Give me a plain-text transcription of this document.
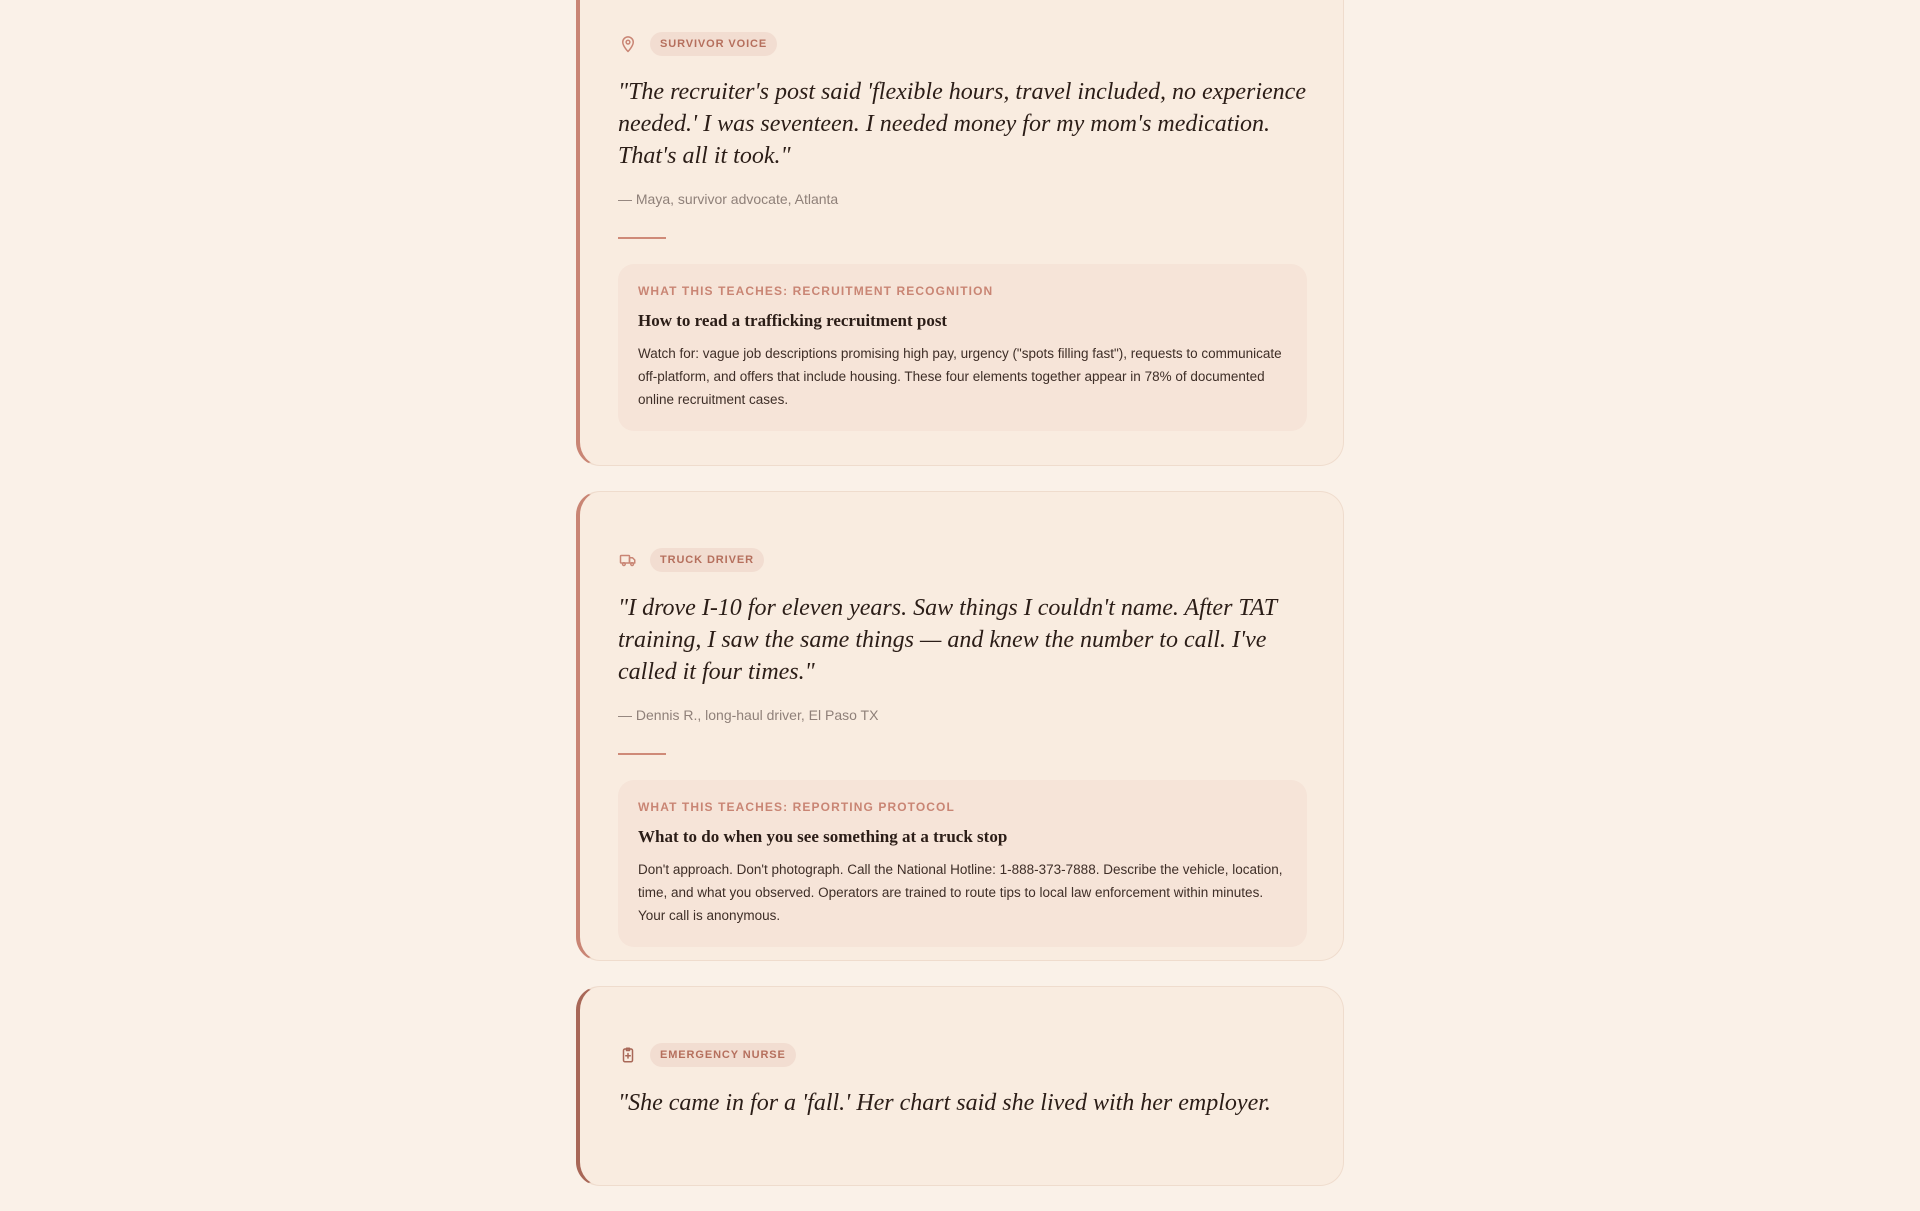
SURVIVOR VOICE

"The recruiter's post said 'flexible hours, travel included, no experience needed.' I was seventeen. I needed money for my mom's medication. That's all it took."

— Maya, survivor advocate, Atlanta
WHAT THIS TEACHES: RECRUITMENT RECOGNITION
How to read a trafficking recruitment post
Watch for: vague job descriptions promising high pay, urgency ("spots filling fast"), requests to communicate off-platform, and offers that include housing. These four elements together appear in 78% of documented online recruitment cases.
TRUCK DRIVER

"I drove I-10 for eleven years. Saw things I couldn't name. After TAT training, I saw the same things — and knew the number to call. I've called it four times."

— Dennis R., long-haul driver, El Paso TX
WHAT THIS TEACHES: REPORTING PROTOCOL
What to do when you see something at a truck stop
Don't approach. Don't photograph. Call the National Hotline: 1-888-373-7888. Describe the vehicle, location, time, and what you observed. Operators are trained to route tips to local law enforcement within minutes. Your call is anonymous.
EMERGENCY NURSE

"She came in for a 'fall.' Her chart said she lived with her employer.
